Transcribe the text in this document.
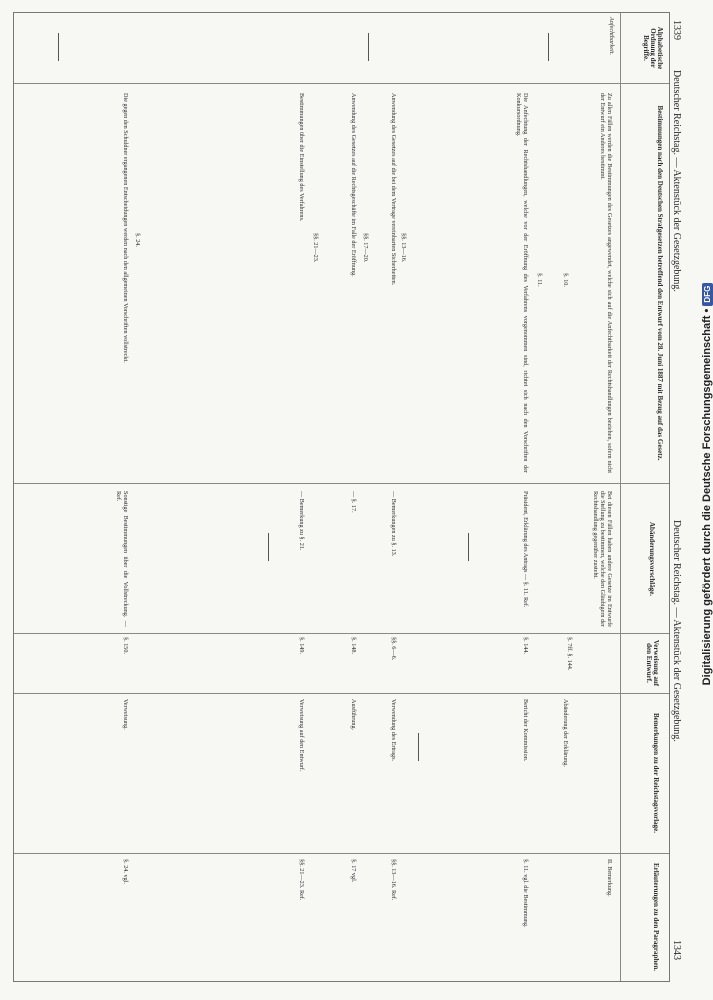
1339
Deutscher Reichstag. — Aktenstück der Gesetzgebung.
Deutscher Reichstag. — Aktenstück der Gesetzgebung.
1343
Alphabetische Ordnung der Begriffe.
Bestimmungen nach den Deutschen Strafgesetzen betreffend den Entwurf vom 28. Juni 1887 mit Bezug auf das Gesetz.
Abänderungsvorschläge.
Verweisung auf den Entwurf.
Bemerkungen zu der Reichstagsvorlage.
Erläuterungen zu den Paragraphen.
Anfechtbarkeit.
Zu allen Fällen werden die Bestimmungen des Gesetzes angewendet, welche sich auf die Anfechtbarkeit der Rechtshandlungen beziehen, sofern nicht der Entwurf ein Anderes bestimmt.
§. 10.
Bei diesen Fällen haben andere Gesetze im Entwurfe die Stellung zu bestimmen, welche den Gläubigern der Rechtshandlung gegenüber zusteht.
§. 7ff. §. 144.
Abänderung der Erklärung.
II. Bemerkung.
Die Anfechtung der Rechtshandlungen, welche vor der Eröffnung des Verfahrens vorgenommen sind, richtet sich nach den Vorschriften der Konkursordnung.
§. 11.
Präsident, Erklärung des Antrags — §. 11. Ref.
§. 144.
Bericht der Kommission.
§. 11. vgl. die Bestimmung.
§§. 13—16.
Anwendung des Gesetzes auf die bei dem Vertrage vereinbarten Sicherheiten.
— Bemerkungen zu §. 13.
§§. 6—6.
Verwendung des Ertrags.
§§. 13—16. Ref.
§§. 17—20.
Anwendung des Gesetzes auf die Rechtsgeschäfte im Falle der Eröffnung.
— §. 17.
§. 148.
Ausführung.
§. 17 vgl.
§§. 21—23.
Bestimmungen über die Einstellung des Verfahrens.
— Bemerkung zu §. 21.
§. 149.
Verweisung auf den Entwurf.
§§. 21—23. Ref.
§. 24.
Die gegen den Schuldner ergangenen Entscheidungen werden nach den allgemeinen Vorschriften vollstreckt.
Sonstige Bestimmungen über die Vollstreckung. — Ref.
§. 150.
Verweisung.
§. 24. vgl.
Digitalisierung gefördert durch die Deutsche Forschungsgemeinschaft • DFG
